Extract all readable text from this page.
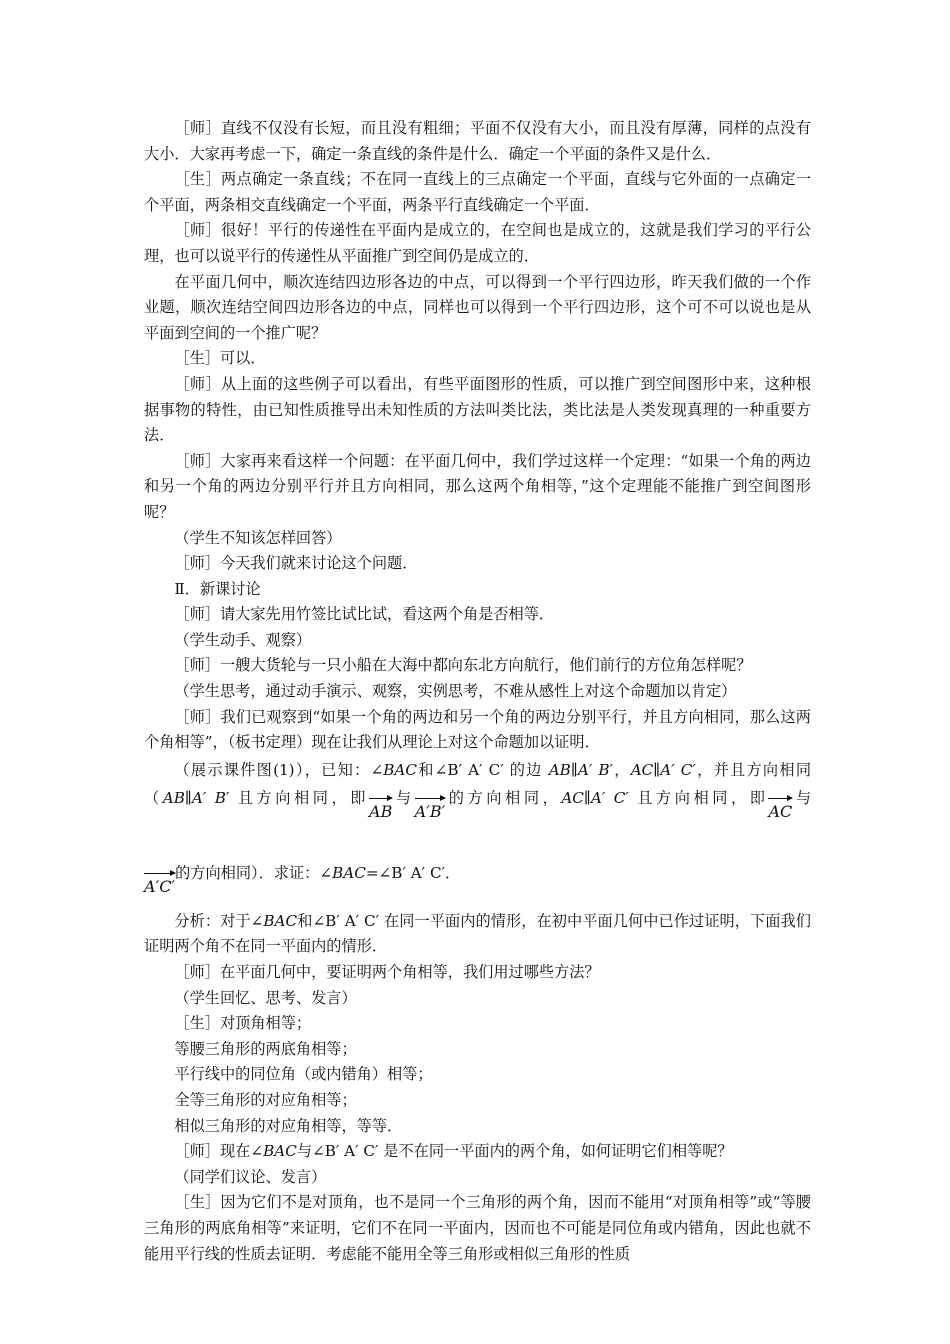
［师］直线不仅没有长短，而且没有粗细；平面不仅没有大小，而且没有厚薄，同样的点没有大小．大家再考虑一下，确定一条直线的条件是什么．确定一个平面的条件又是什么．

［生］两点确定一条直线；不在同一直线上的三点确定一个平面，直线与它外面的一点确定一个平面，两条相交直线确定一个平面，两条平行直线确定一个平面．

［师］很好！平行的传递性在平面内是成立的，在空间也是成立的，这就是我们学习的平行公理，也可以说平行的传递性从平面推广到空间仍是成立的．

在平面几何中，顺次连结四边形各边的中点，可以得到一个平行四边形，昨天我们做的一个作业题，顺次连结空间四边形各边的中点，同样也可以得到一个平行四边形，这个可不可以说也是从平面到空间的一个推广呢？

［生］可以．

［师］从上面的这些例子可以看出，有些平面图形的性质，可以推广到空间图形中来，这种根据事物的特性，由已知性质推导出未知性质的方法叫类比法，类比法是人类发现真理的一种重要方法．

［师］大家再来看这样一个问题：在平面几何中，我们学过这样一个定理：“如果一个角的两边和另一个角的两边分别平行并且方向相同，那么这两个角相等，”这个定理能不能推广到空间图形呢？

（学生不知该怎样回答）

［师］今天我们就来讨论这个问题．

Ⅱ．新课讨论

［师］请大家先用竹签比试比试，看这两个角是否相等．

（学生动手、观察）

［师］一艘大货轮与一只小船在大海中都向东北方向航行，他们前行的方位角怎样呢？

（学生思考，通过动手演示、观察，实例思考，不难从感性上对这个命题加以肯定）

［师］我们已观察到“如果一个角的两边和另一个角的两边分别平行，并且方向相同，那么这两个角相等”，（板书定理）现在让我们从理论上对这个命题加以证明．

（展示课件图(1)），已知：∠BAC和∠B′ A′ C′ 的边 AB∥A′ B′，AC∥A′ C′，并且方向相同（AB∥A′ B′ 且方向相同，即
AB与
A′B′的方向相同，AC∥A′ C′ 且方向相同，即
AC与

A′C′的方向相同）．求证：∠BAC=∠B′ A′ C′．

分析：对于∠BAC和∠B′ A′ C′ 在同一平面内的情形，在初中平面几何中已作过证明，下面我们证明两个角不在同一平面内的情形．

［师］在平面几何中，要证明两个角相等，我们用过哪些方法？

（学生回忆、思考、发言）

［生］对顶角相等；

等腰三角形的两底角相等；

平行线中的同位角（或内错角）相等；

全等三角形的对应角相等；

相似三角形的对应角相等，等等．

［师］现在∠BAC与∠B′ A′ C′ 是不在同一平面内的两个角，如何证明它们相等呢？

（同学们议论、发言）

［生］因为它们不是对顶角，也不是同一个三角形的两个角，因而不能用“对顶角相等”或“等腰三角形的两底角相等”来证明，它们不在同一平面内，因而也不可能是同位角或内错角，因此也就不能用平行线的性质去证明．考虑能不能用全等三角形或相似三角形的性质
